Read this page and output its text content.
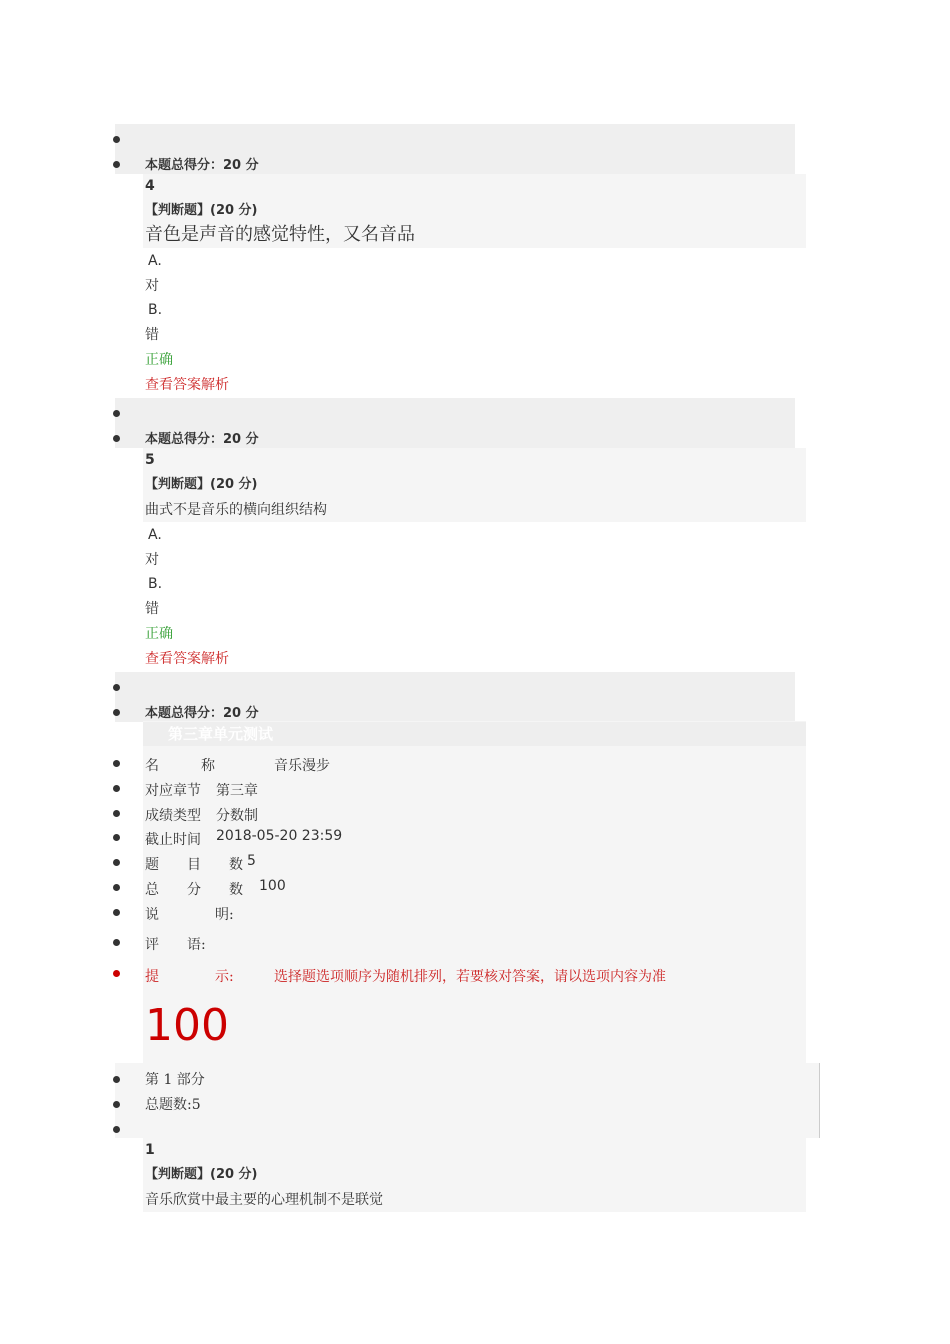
本题总得分：20 分
4
【判断题】(20 分)
音色是声音的感觉特性，又名音品
A.
对
B.
错
正确
查看答案解析
本题总得分：20 分
5
【判断题】(20 分)
曲式不是音乐的横向组织结构
A.
对
B.
错
正确
查看答案解析
本题总得分：20 分
第三章单元测试
名　　　称	音乐漫步
对应章节 第三章
成绩类型 分数制
截止时间 2018-05-20 23:59
题　　目　　数 5
总　　分　　数 100
说　　　　明:
评　　语:
提　　　　示:	选择题选项顺序为随机排列，若要核对答案，请以选项内容为准
100
第 1 部分
总题数:5
1
【判断题】(20 分)
音乐欣赏中最主要的心理机制不是联觉
